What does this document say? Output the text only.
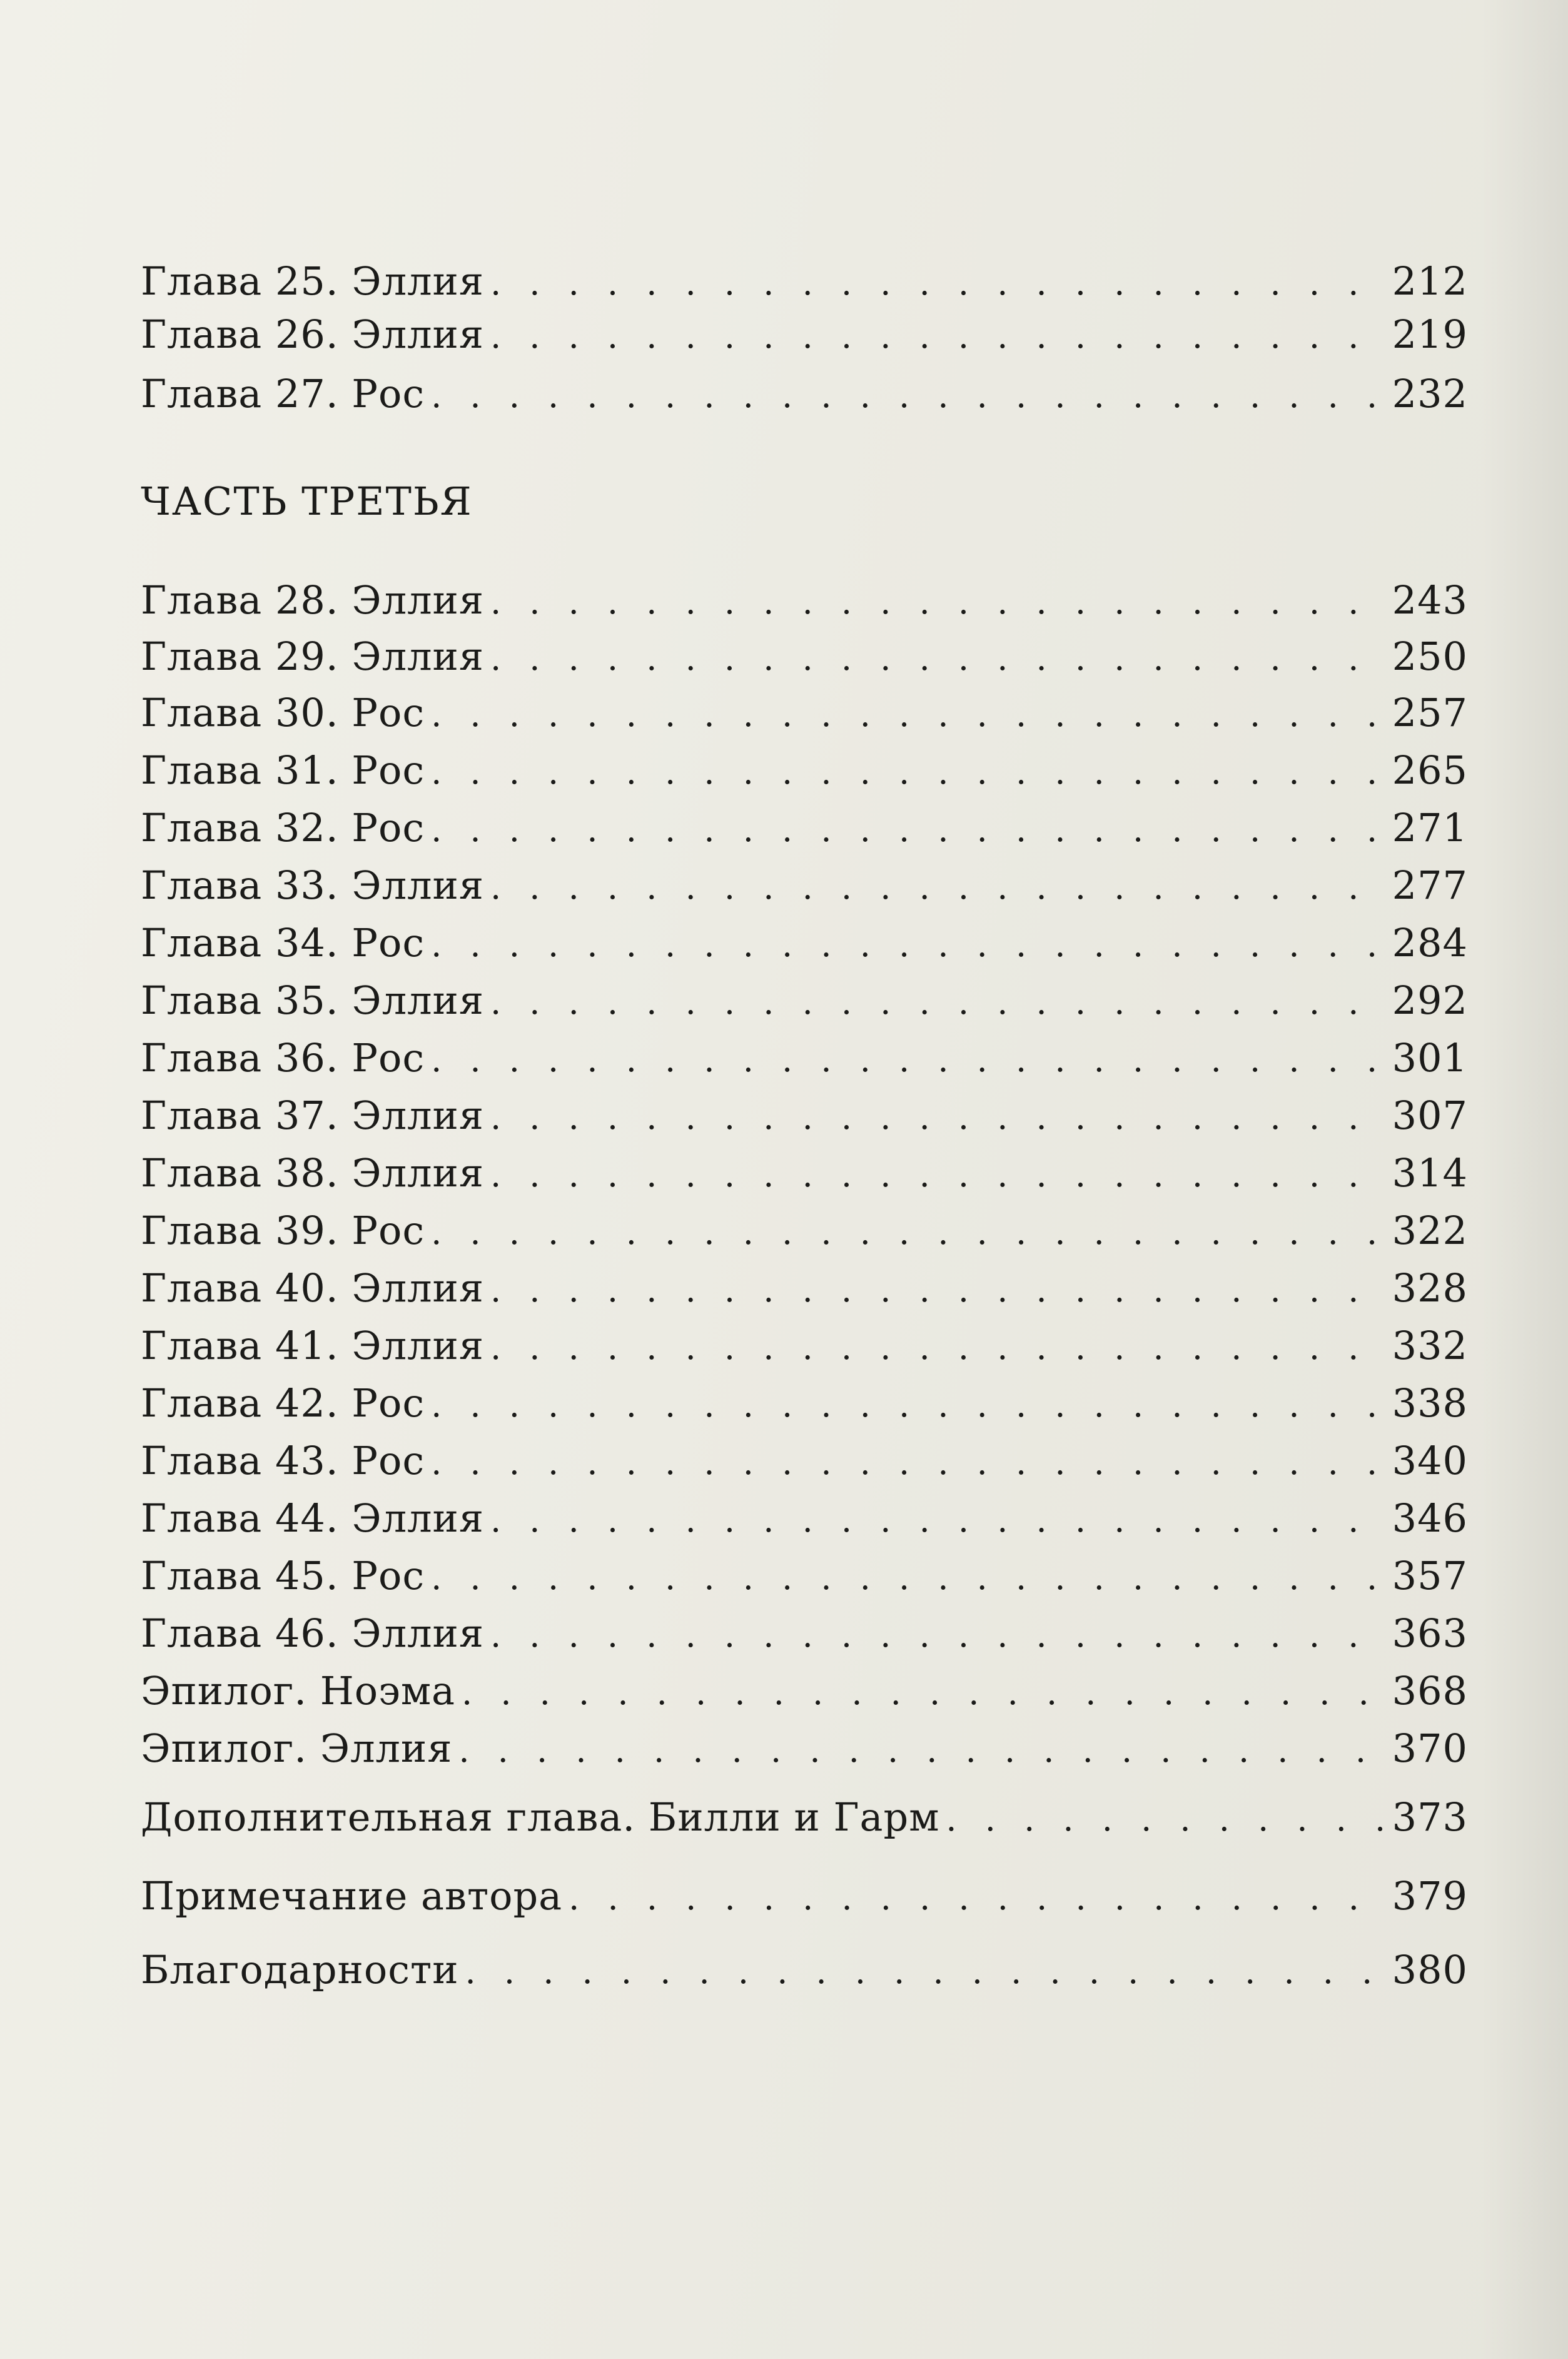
Глава 25. Эллия . . .	212
Глава 26. Эллия . . .	219
Глава 27. Рос . . .	232
ЧАСТЬ ТРЕТЬЯ
Глава 28. Эллия . . .	243
Глава 29. Эллия . . .	250
Глава 30. Рос . . .	257
Глава 31. Рос . . .	265
Глава 32. Рос . . .	271
Глава 33. Эллия . . .	277
Глава 34. Рос . . .	284
Глава 35. Эллия . . .	292
Глава 36. Рос . . .	301
Глава 37. Эллия . . .	307
Глава 38. Эллия . . .	314
Глава 39. Рос . . .	322
Глава 40. Эллия . . .	328
Глава 41. Эллия . . .	332
Глава 42. Рос . . .	338
Глава 43. Рос . . .	340
Глава 44. Эллия . . .	346
Глава 45. Рос . . .	357
Глава 46. Эллия . . .	363
Эпилог. Ноэма . . .	368
Эпилог. Эллия . . .	370
Дополнительная глава. Билли и Гарм . . .	373
Примечание автора . . .	379
Благодарности . . .	380
